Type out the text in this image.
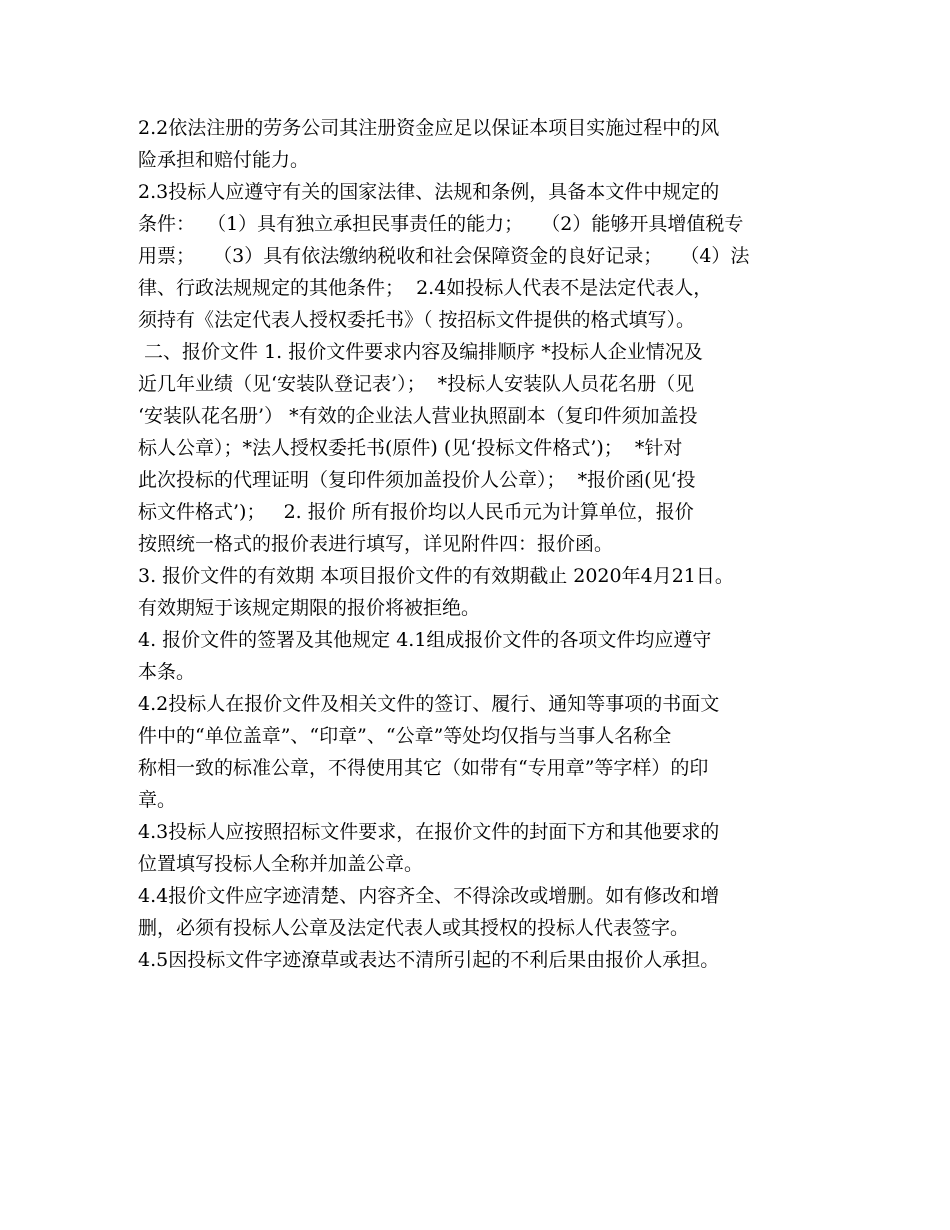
2.2依法注册的劳务公司其注册资金应足以保证本项目实施过程中的风
险承担和赔付能力。
2.3投标人应遵守有关的国家法律、法规和条例，具备本文件中规定的
条件：  （1）具有独立承担民事责任的能力；   （2）能够开具增值税专
用票；   （3）具有依法缴纳税收和社会保障资金的良好记录；   （4）法
律、行政法规规定的其他条件；  2.4如投标人代表不是法定代表人，
须持有《法定代表人授权委托书》（ 按招标文件提供的格式填写）。
二、报价文件 1. 报价文件要求内容及编排顺序 *投标人企业情况及
近几年业绩（见‘安装队登记表’）；  *投标人安装队人员花名册（见
‘安装队花名册’） *有效的企业法人营业执照副本（复印件须加盖投
标人公章）；*法人授权委托书(原件) (见‘投标文件格式’)；  *针对
此次投标的代理证明（复印件须加盖投价人公章）；  *报价函(见‘投
标文件格式’)；   2. 报价 所有报价均以人民币元为计算单位，报价
按照统一格式的报价表进行填写，详见附件四：报价函。
3. 报价文件的有效期 本项目报价文件的有效期截止 2020年4月21日。
有效期短于该规定期限的报价将被拒绝。
4. 报价文件的签署及其他规定 4.1组成报价文件的各项文件均应遵守
本条。
4.2投标人在报价文件及相关文件的签订、履行、通知等事项的书面文
件中的“单位盖章”、“印章”、“公章”等处均仅指与当事人名称全
称相一致的标准公章，不得使用其它（如带有“专用章”等字样）的印
章。
4.3投标人应按照招标文件要求，在报价文件的封面下方和其他要求的
位置填写投标人全称并加盖公章。
4.4报价文件应字迹清楚、内容齐全、不得涂改或增删。如有修改和增
删，必须有投标人公章及法定代表人或其授权的投标人代表签字。
4.5因投标文件字迹潦草或表达不清所引起的不利后果由报价人承担。
